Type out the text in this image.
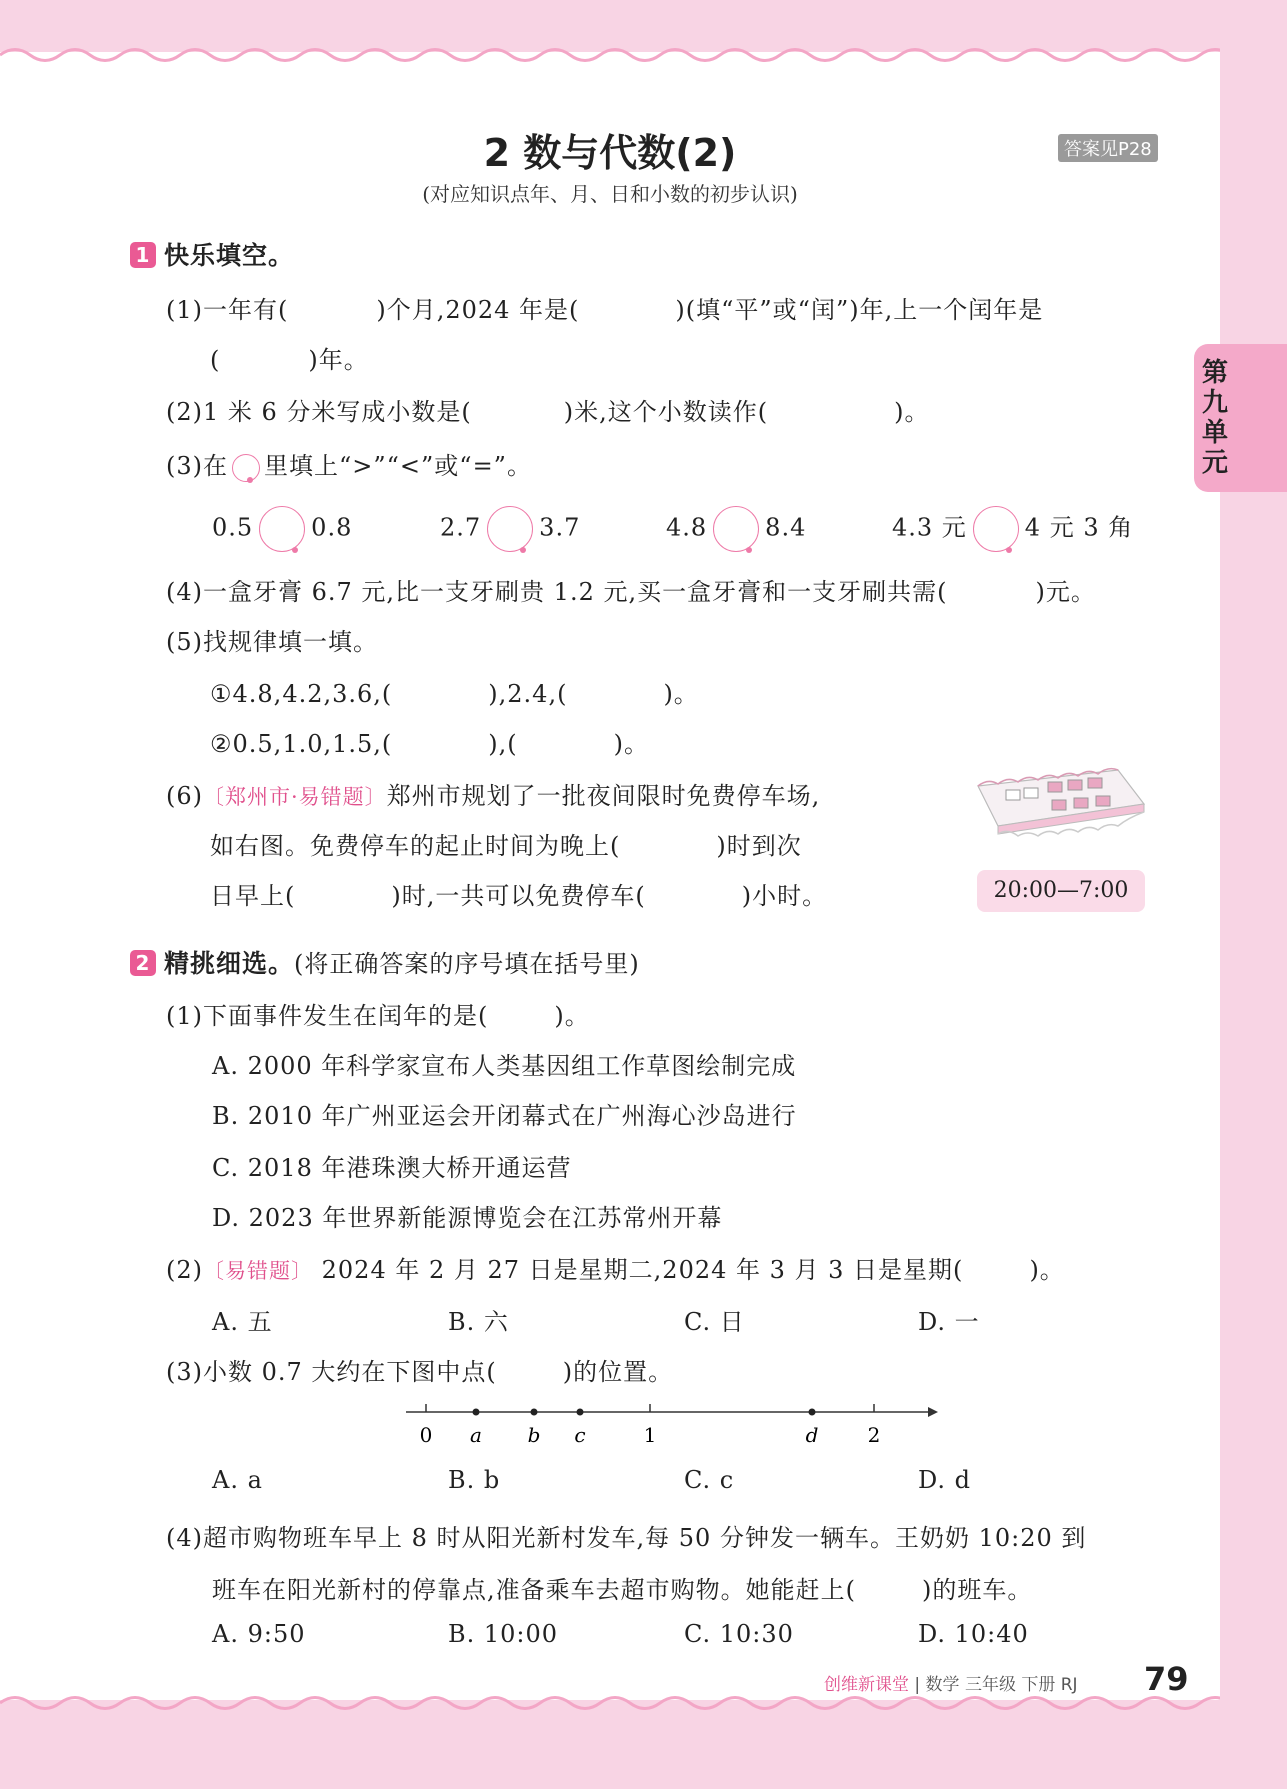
2 数与代数(2)	答案见P28
(对应知识点年、月、日和小数的初步认识)
第九单元
1 快乐填空。
(1)一年有(	)个月,2024 年是(	)(填“平”或“闰”)年,上一个闰年是
(	)年。
(2)1 米 6 分米写成小数是(	)米,这个小数读作(	)。
(3)在 里填上“>”“<”或“=”。
0.5 0.8	2.7 3.7	4.8 8.4	4.3 元 4 元 3 角
(4)一盒牙膏 6.7 元,比一支牙刷贵 1.2 元,买一盒牙膏和一支牙刷共需(	)元。
(5)找规律填一填。
①4.8,4.2,3.6,(	),2.4,(	)。
②0.5,1.0,1.5,(	),(	)。
(6)〔郑州市·易错题〕郑州市规划了一批夜间限时免费停车场,
如右图。免费停车的起止时间为晚上(	)时到次
日早上(	)时,一共可以免费停车(	)小时。	20:00—7:00
2 精挑细选。(将正确答案的序号填在括号里)
(1)下面事件发生在闰年的是(	)。
A. 2000 年科学家宣布人类基因组工作草图绘制完成
B. 2010 年广州亚运会开闭幕式在广州海心沙岛进行
C. 2018 年港珠澳大桥开通运营
D. 2023 年世界新能源博览会在江苏常州开幕
(2)〔易错题〕 2024 年 2 月 27 日是星期二,2024 年 3 月 3 日是星期(	)。
A. 五	B. 六	C. 日	D. 一
(3)小数 0.7 大约在下图中点(	)的位置。
0	1	2
a b c	d
A. a	B. b	C. c	D. d
(4)超市购物班车早上 8 时从阳光新村发车,每 50 分钟发一辆车。王奶奶 10:20 到
班车在阳光新村的停靠点,准备乘车去超市购物。她能赶上(	)的班车。
A. 9:50	B. 10:00	C. 10:30	D. 10:40
创维新课堂 | 数学 三年级 下册 RJ 79
